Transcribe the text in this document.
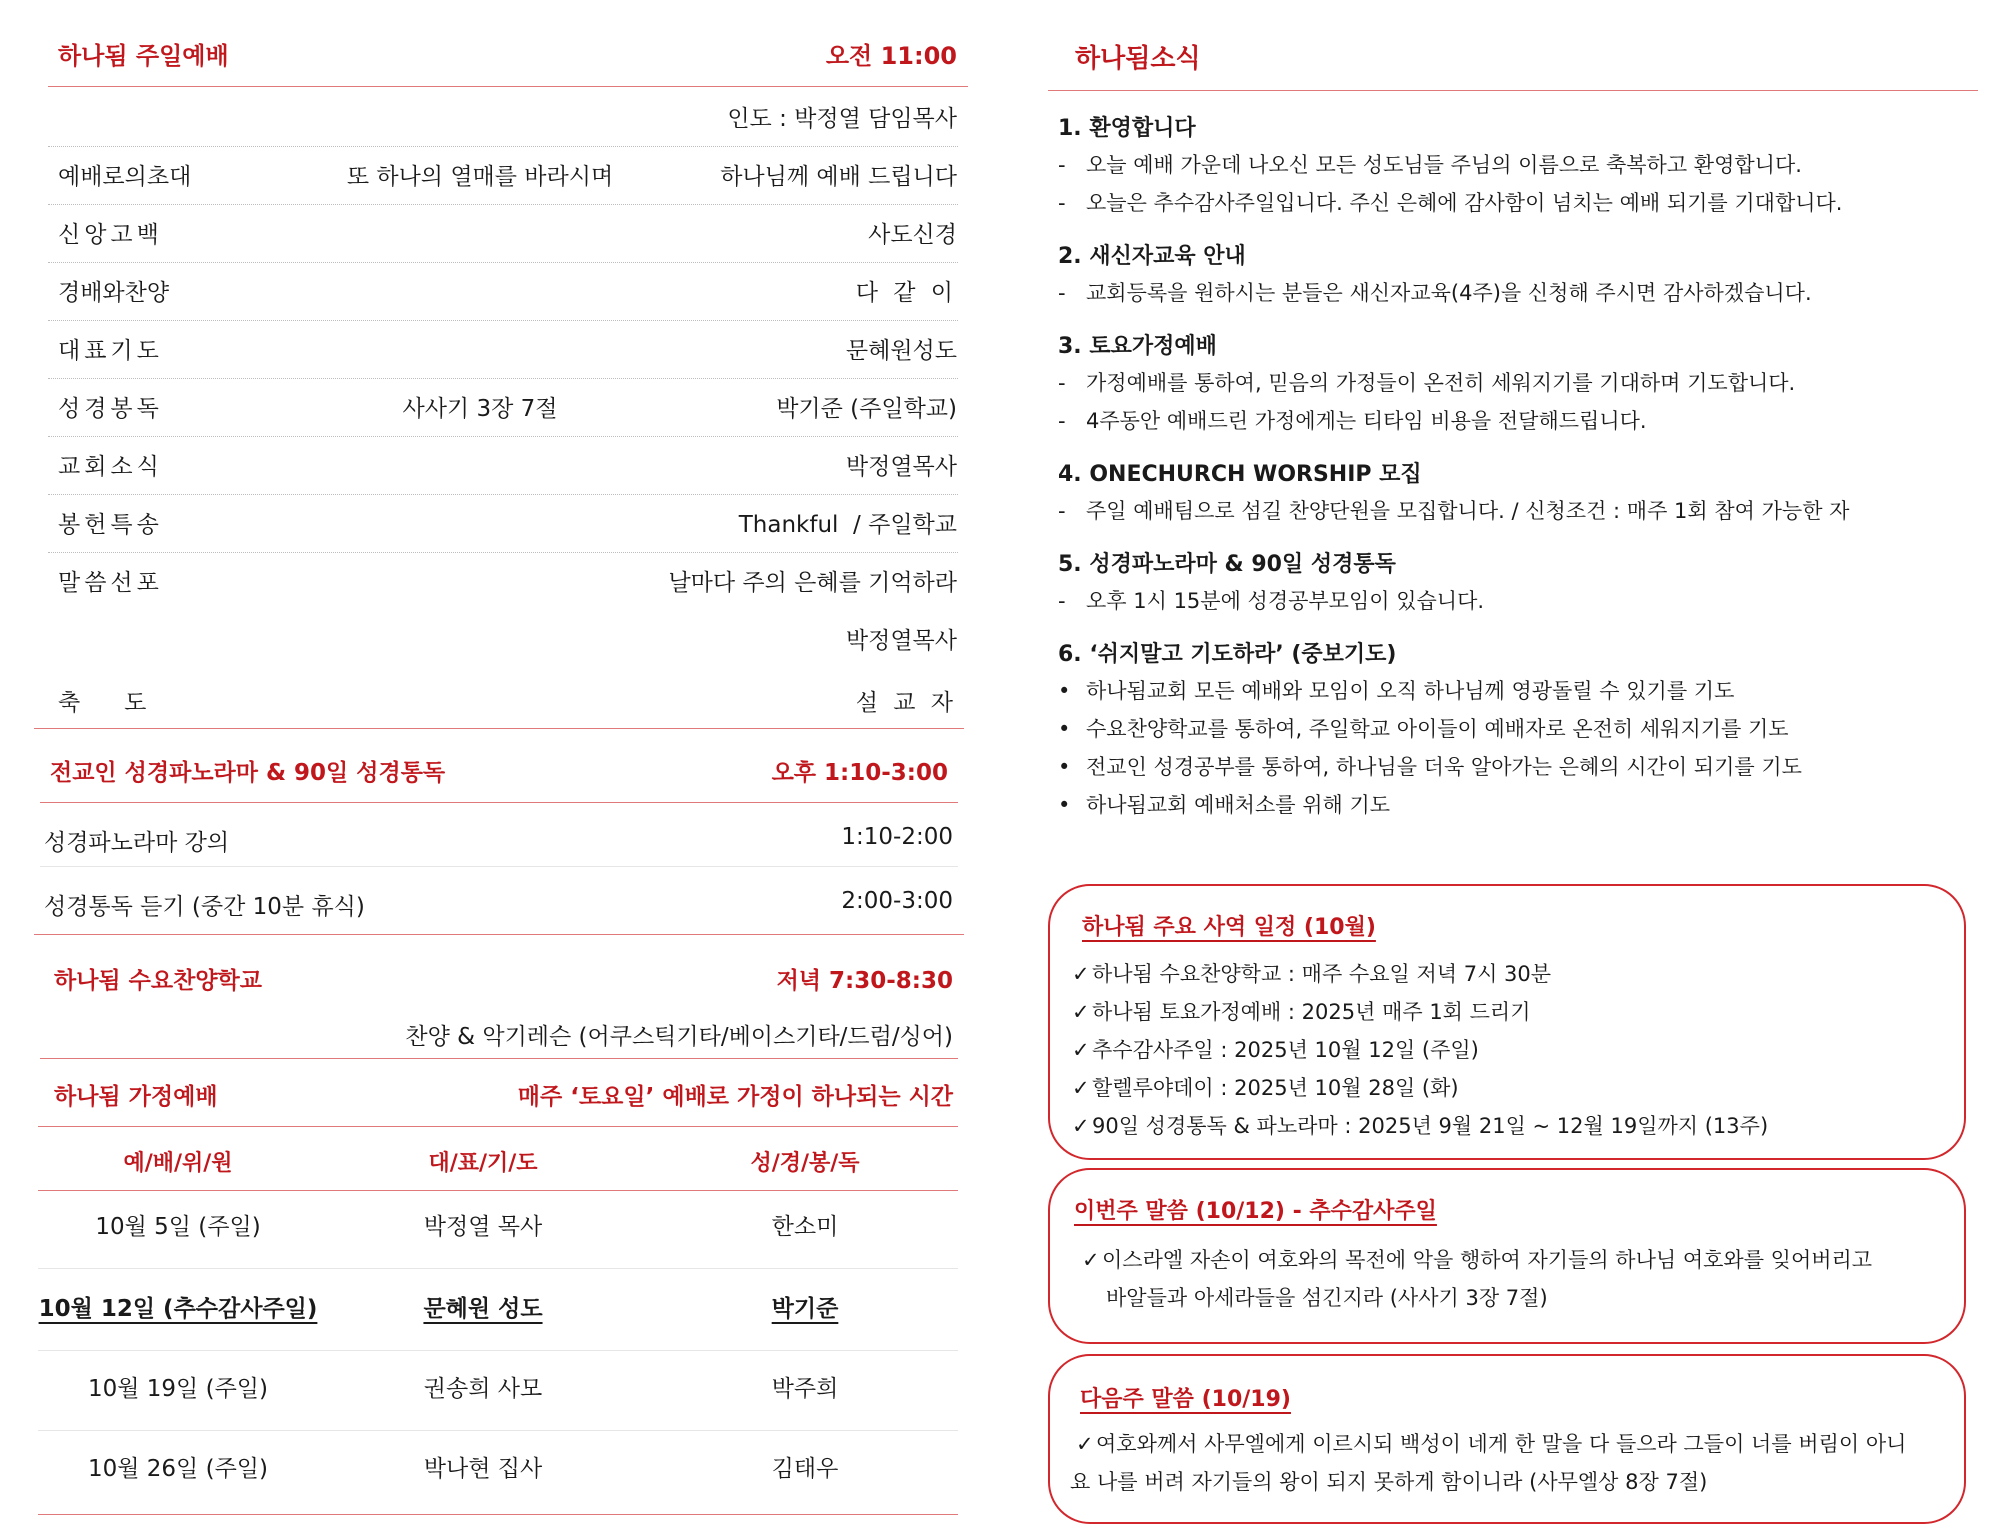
하나됨 주일예배	오전 11:00
인도 : 박정열 담임목사
예배로의초대	또 하나의 열매를 바라시며	하나님께 예배 드립니다
신앙고백	사도신경
경배와찬양	다 같 이
대표기도	문혜원성도
성경봉독	사사기 3장 7절	박기준 (주일학교)
교회소식	박정열목사
봉헌특송	Thankful  / 주일학교
말씀선포	날마다 주의 은혜를 기억하라
박정열목사
축      도	설 교 자
전교인 성경파노라마 & 90일 성경통독	오후 1:10-3:00
성경파노라마 강의	1:10-2:00
성경통독 듣기 (중간 10분 휴식)	2:00-3:00
하나됨 수요찬양학교	저녁 7:30-8:30
찬양 & 악기레슨 (어쿠스틱기타/베이스기타/드럼/싱어)
하나됨 가정예배	매주 ‘토요일’ 예배로 가정이 하나되는 시간
예/배/위/원	대/표/기/도	성/경/봉/독
10월 5일 (주일)	박정열 목사	한소미
10월 12일 (추수감사주일)	문혜원 성도	박기준
10월 19일 (주일)	권송희 사모	박주희
10월 26일 (주일)	박나현 집사	김태우
하나됨소식
1. 환영합니다
- 오늘 예배 가운데 나오신 모든 성도님들 주님의 이름으로 축복하고 환영합니다.
- 오늘은 추수감사주일입니다. 주신 은혜에 감사함이 넘치는 예배 되기를 기대합니다.
2. 새신자교육 안내
- 교회등록을 원하시는 분들은 새신자교육(4주)을 신청해 주시면 감사하겠습니다.
3. 토요가정예배
- 가정예배를 통하여, 믿음의 가정들이 온전히 세워지기를 기대하며 기도합니다.
- 4주동안 예배드린 가정에게는 티타임 비용을 전달해드립니다.
4. ONECHURCH WORSHIP 모집
- 주일 예배팀으로 섬길 찬양단원을 모집합니다. / 신청조건 : 매주 1회 참여 가능한 자
5. 성경파노라마 & 90일 성경통독
- 오후 1시 15분에 성경공부모임이 있습니다.
6. ‘쉬지말고 기도하라’ (중보기도)
• 하나됨교회 모든 예배와 모임이 오직 하나님께 영광돌릴 수 있기를 기도
• 수요찬양학교를 통하여, 주일학교 아이들이 예배자로 온전히 세워지기를 기도
• 전교인 성경공부를 통하여, 하나님을 더욱 알아가는 은혜의 시간이 되기를 기도
• 하나됨교회 예배처소를 위해 기도
하나됨 주요 사역 일정 (10월)
✓ 하나됨 수요찬양학교 : 매주 수요일 저녁 7시 30분
✓ 하나됨 토요가정예배 : 2025년 매주 1회 드리기
✓ 추수감사주일 : 2025년 10월 12일 (주일)
✓ 할렐루야데이 : 2025년 10월 28일 (화)
✓ 90일 성경통독 & 파노라마 : 2025년 9월 21일 ~ 12월 19일까지 (13주)
이번주 말씀 (10/12) - 추수감사주일
✓ 이스라엘 자손이 여호와의 목전에 악을 행하여 자기들의 하나님 여호와를 잊어버리고
바알들과 아세라들을 섬긴지라 (사사기 3장 7절)
다음주 말씀 (10/19)
✓ 여호와께서 사무엘에게 이르시되 백성이 네게 한 말을 다 들으라 그들이 너를 버림이 아니
요 나를 버려 자기들의 왕이 되지 못하게 함이니라 (사무엘상 8장 7절)
